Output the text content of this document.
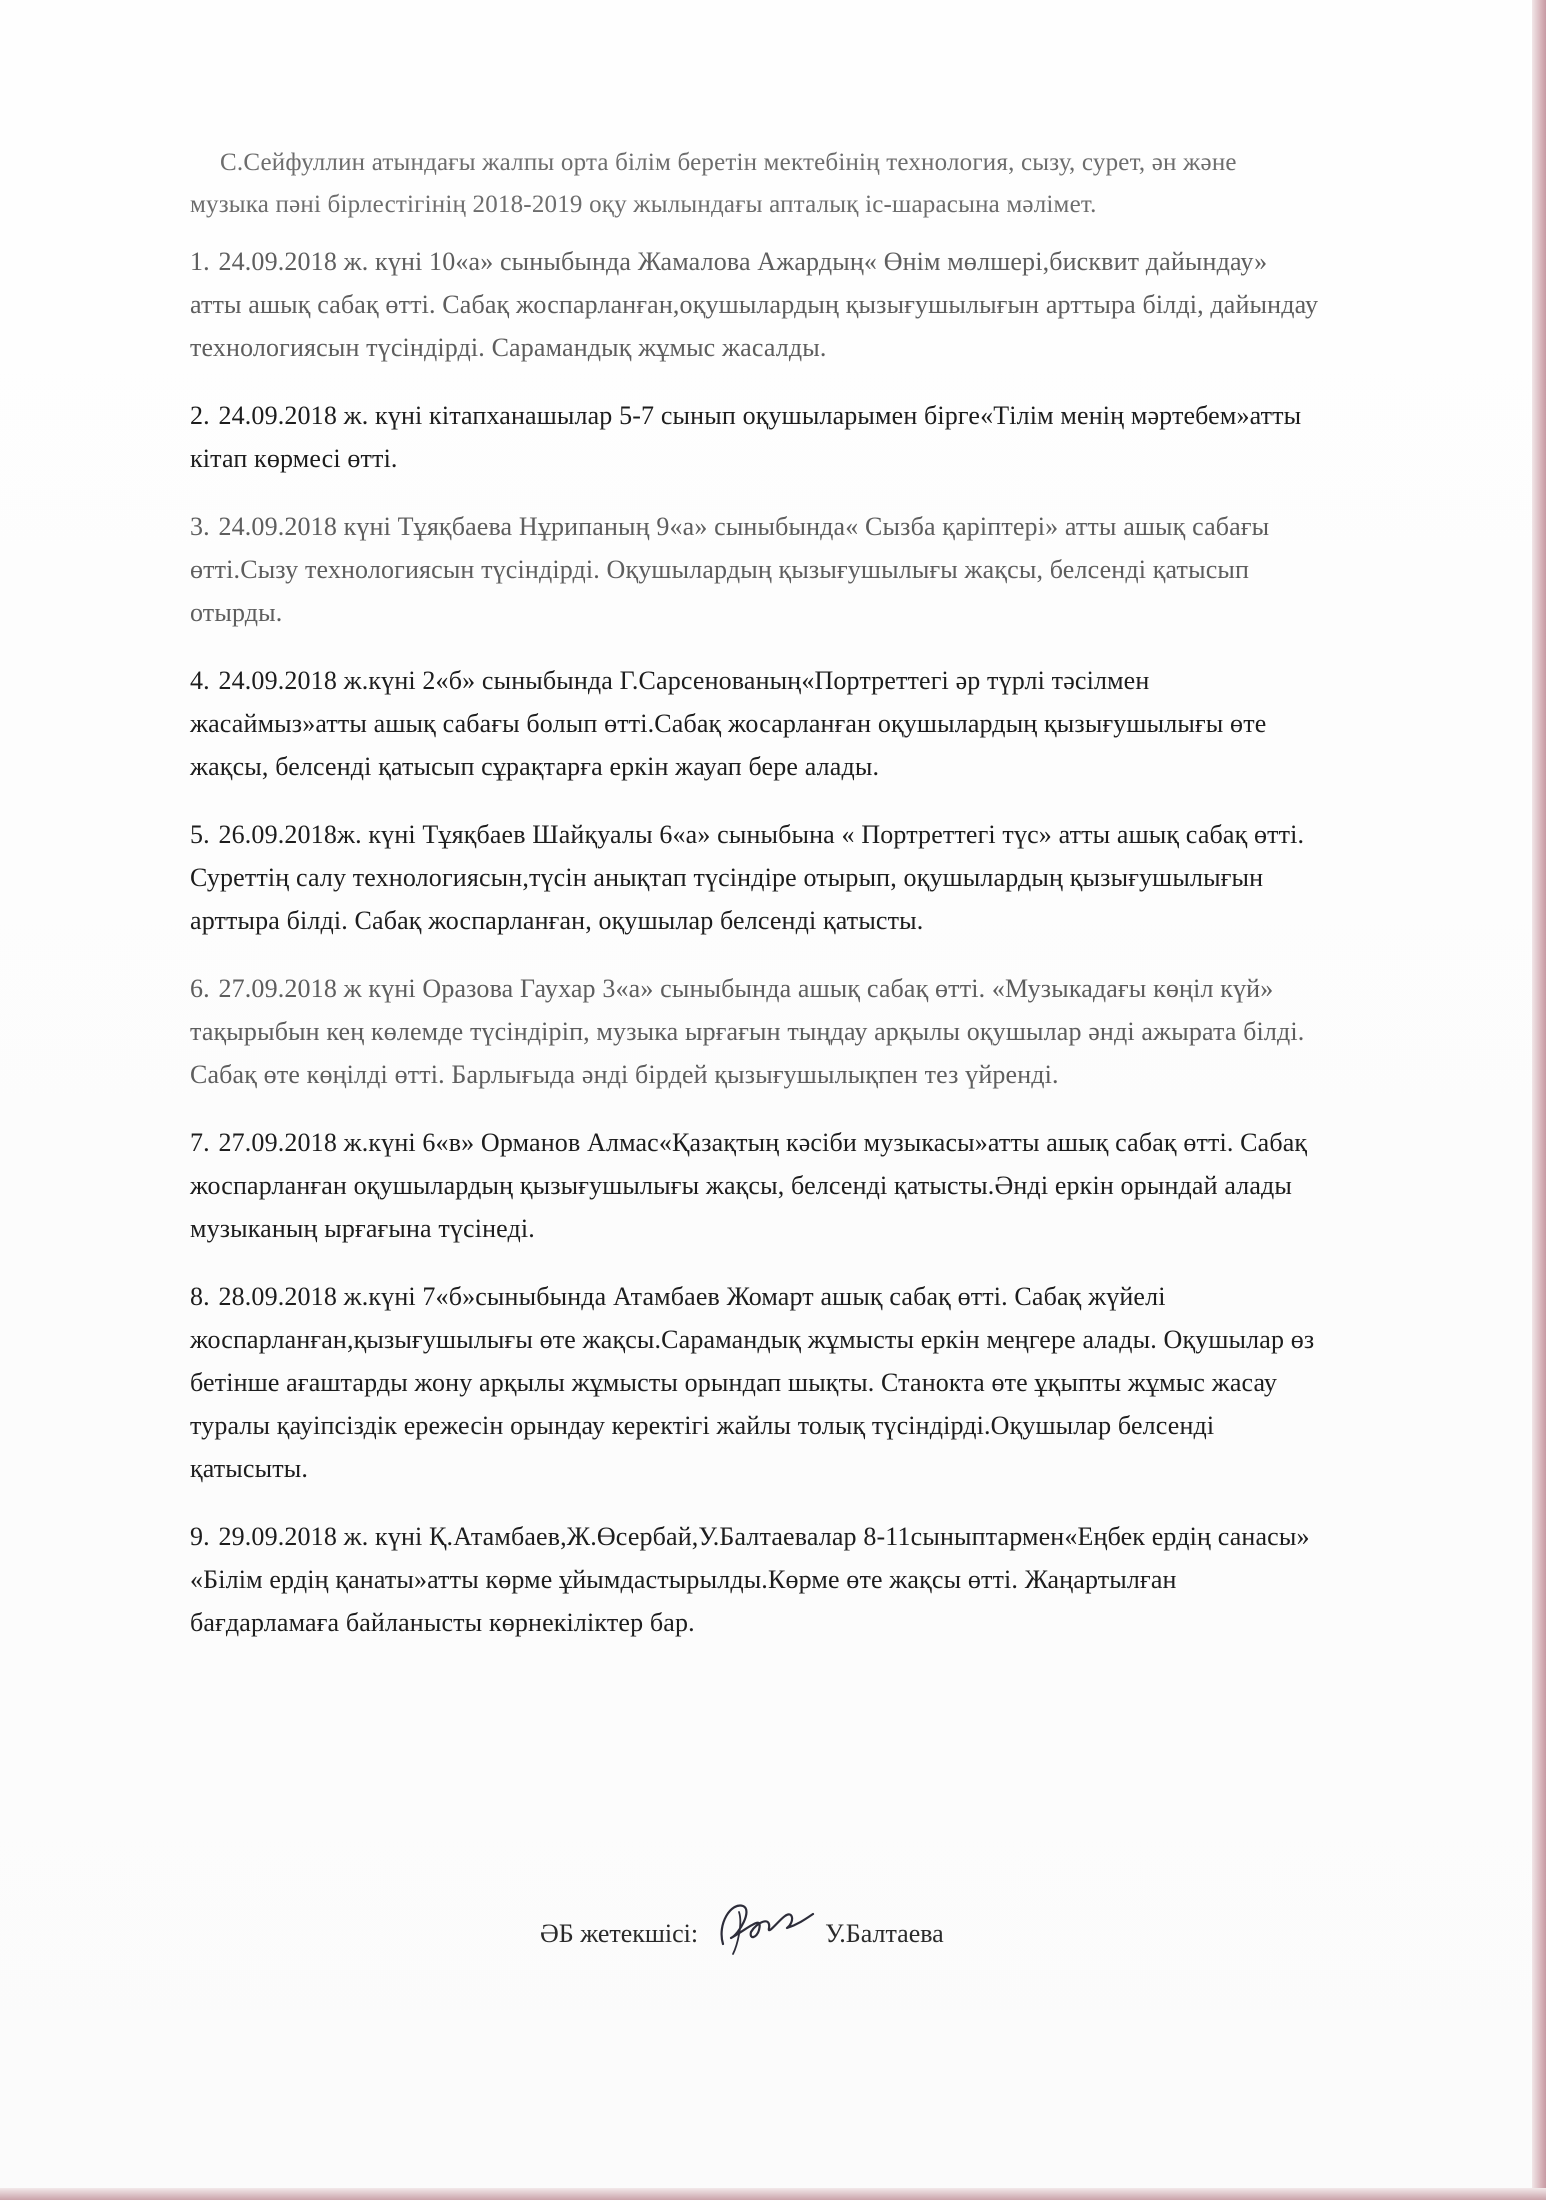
С.Сейфуллин атындағы жалпы орта білім беретін мектебінің технология, сызу, сурет, ән және музыка пәні бірлестігінің 2018-2019 оқу жылындағы апталық іс-шарасына мәлімет.

1. 24.09.2018 ж. күні 10«а» сыныбында Жамалова Ажардың« Өнім мөлшері,бисквит дайындау» атты ашық сабақ өтті. Сабақ жоспарланған,оқушылардың қызығушылығын арттыра білді, дайындау технологиясын түсіндірді. Сарамандық жұмыс жасалды.

2. 24.09.2018 ж. күні кітапханашылар 5-7 сынып оқушыларымен бірге«Тілім менің мәртебем»атты кітап көрмесі өтті.

3. 24.09.2018 күні Тұяқбаева Нұрипаның 9«а» сыныбында« Сызба қаріптері» атты ашық сабағы өтті.Сызу технологиясын түсіндірді. Оқушылардың қызығушылығы жақсы, белсенді қатысып отырды.

4. 24.09.2018 ж.күні 2«б» сыныбында Г.Сарсенованың«Портреттегі әр түрлі тәсілмен жасаймыз»атты ашық сабағы болып өтті.Сабақ жосарланған оқушылардың қызығушылығы өте жақсы, белсенді қатысып сұрақтарға еркін жауап бере алады.

5. 26.09.2018ж. күні Тұяқбаев Шайқуалы 6«а» сыныбына « Портреттегі түс» атты ашық сабақ өтті. Суреттің салу технологиясын,түсін анықтап түсіндіре отырып, оқушылардың қызығушылығын арттыра білді. Сабақ жоспарланған, оқушылар белсенді қатысты.

6. 27.09.2018 ж күні Оразова Гаухар 3«а» сыныбында ашық сабақ өтті. «Музыкадағы көңіл күй» тақырыбын кең көлемде түсіндіріп, музыка ырғағын тыңдау арқылы оқушылар әнді ажырата білді. Сабақ өте көңілді өтті. Барлығыда әнді бірдей қызығушылықпен тез үйренді.

7. 27.09.2018 ж.күні 6«в» Орманов Алмас«Қазақтың кәсіби музыкасы»атты ашық сабақ өтті. Сабақ жоспарланған оқушылардың қызығушылығы жақсы, белсенді қатысты.Әнді еркін орындай алады музыканың ырғағына түсінеді.

8. 28.09.2018 ж.күні 7«б»сыныбында Атамбаев Жомарт ашық сабақ өтті. Сабақ жүйелі жоспарланған,қызығушылығы өте жақсы.Сарамандық жұмысты еркін меңгере алады. Оқушылар өз бетінше ағаштарды жону арқылы жұмысты орындап шықты. Станокта өте ұқыпты жұмыс жасау туралы қауіпсіздік ережесін орындау керектігі жайлы толық түсіндірді.Оқушылар белсенді қатысыты.

9. 29.09.2018 ж. күні Қ.Атамбаев,Ж.Өсербай,У.Балтаевалар 8-11сыныптармен«Еңбек ердің санасы» «Білім ердің қанаты»атты көрме ұйымдастырылды.Көрме өте жақсы өтті. Жаңартылған бағдарламаға байланысты көрнекіліктер бар.

ӘБ жетекшісі:	У.Балтаева
